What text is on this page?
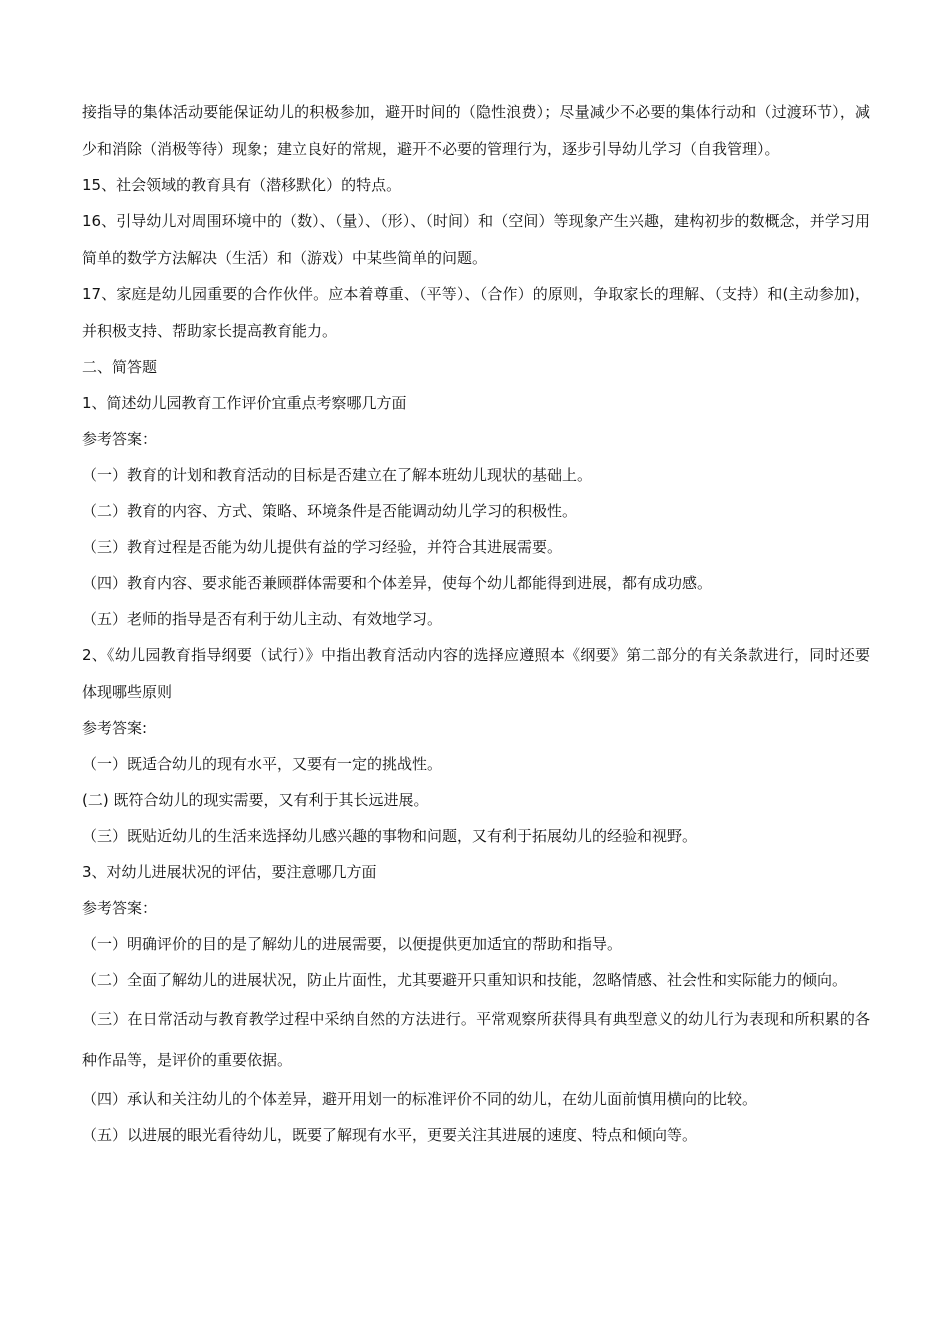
接指导的集体活动要能保证幼儿的积极参加，避开时间的（隐性浪费）；尽量减少不必要的集体行动和（过渡环节），减少和消除（消极等待）现象；建立良好的常规，避开不必要的管理行为，逐步引导幼儿学习（自我管理）。

15、社会领域的教育具有（潜移默化）的特点。

16、引导幼儿对周围环境中的（数）、（量）、（形）、（时间）和（空间）等现象产生兴趣，建构初步的数概念，并学习用简单的数学方法解决（生活）和（游戏）中某些简单的问题。

17、家庭是幼儿园重要的合作伙伴。应本着尊重、（平等）、（合作）的原则，争取家长的理解、（支持）和(主动参加)，并积极支持、帮助家长提高教育能力。

二、简答题

1、简述幼儿园教育工作评价宜重点考察哪几方面

参考答案：

（一）教育的计划和教育活动的目标是否建立在了解本班幼儿现状的基础上。

（二）教育的内容、方式、策略、环境条件是否能调动幼儿学习的积极性。

（三）教育过程是否能为幼儿提供有益的学习经验，并符合其进展需要。

（四）教育内容、要求能否兼顾群体需要和个体差异，使每个幼儿都能得到进展，都有成功感。

（五）老师的指导是否有利于幼儿主动、有效地学习。

2、《幼儿园教育指导纲要（试行）》中指出教育活动内容的选择应遵照本《纲要》第二部分的有关条款进行，同时还要体现哪些原则

参考答案:

（一）既适合幼儿的现有水平，又要有一定的挑战性。

(二) 既符合幼儿的现实需要，又有利于其长远进展。

（三）既贴近幼儿的生活来选择幼儿感兴趣的事物和问题，又有利于拓展幼儿的经验和视野。

3、对幼儿进展状况的评估，要注意哪几方面

参考答案：

（一）明确评价的目的是了解幼儿的进展需要，以便提供更加适宜的帮助和指导。

（二）全面了解幼儿的进展状况，防止片面性，尤其要避开只重知识和技能，忽略情感、社会性和实际能力的倾向。

（三）在日常活动与教育教学过程中采纳自然的方法进行。平常观察所获得具有典型意义的幼儿行为表现和所积累的各种作品等，是评价的重要依据。

（四）承认和关注幼儿的个体差异，避开用划一的标准评价不同的幼儿，在幼儿面前慎用横向的比较。

（五）以进展的眼光看待幼儿，既要了解现有水平，更要关注其进展的速度、特点和倾向等。
